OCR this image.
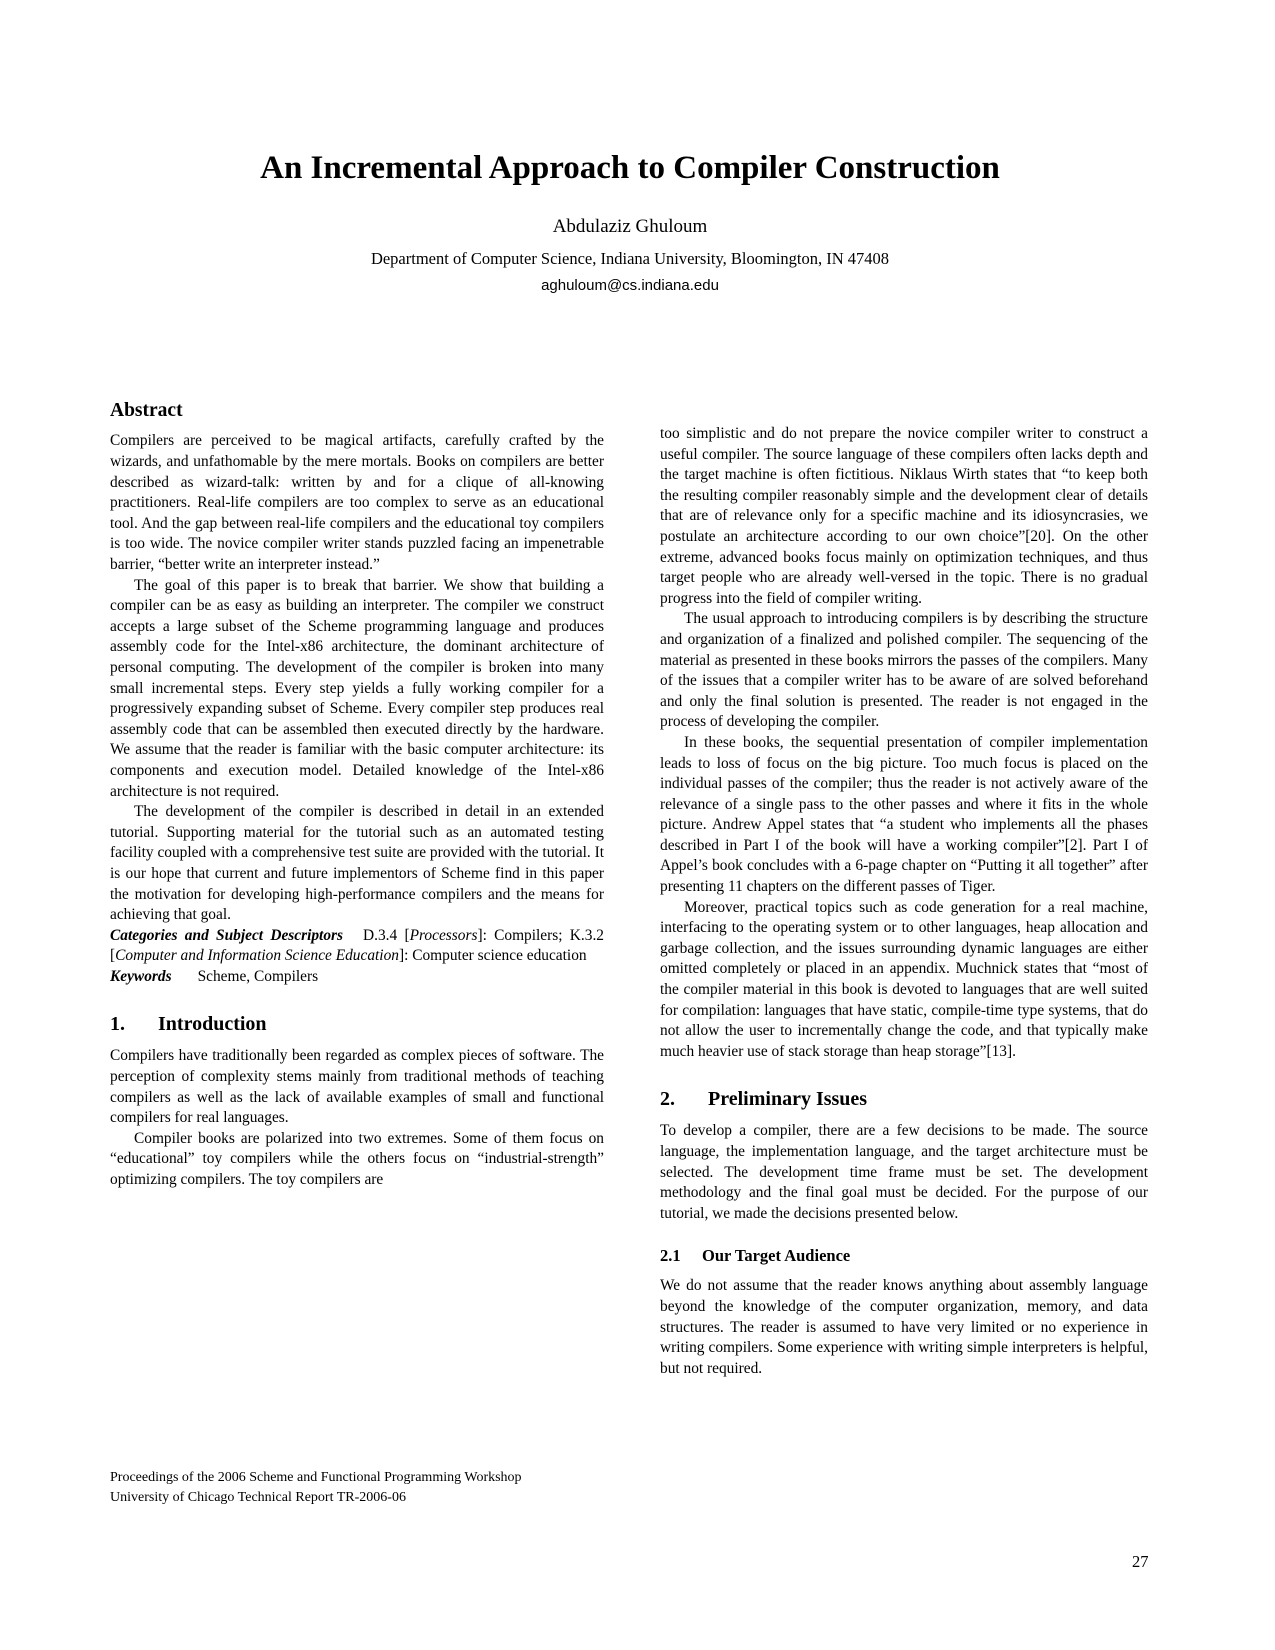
An Incremental Approach to Compiler Construction
Abdulaziz Ghuloum
Department of Computer Science, Indiana University, Bloomington, IN 47408
aghuloum@cs.indiana.edu
Abstract

Compilers are perceived to be magical artifacts, carefully crafted by the wizards, and unfathomable by the mere mortals. Books on compilers are better described as wizard-talk: written by and for a clique of all-knowing practitioners. Real-life compilers are too complex to serve as an educational tool. And the gap between real-life compilers and the educational toy compilers is too wide. The novice compiler writer stands puzzled facing an impenetrable barrier, “better write an interpreter instead.”

The goal of this paper is to break that barrier. We show that building a compiler can be as easy as building an interpreter. The compiler we construct accepts a large subset of the Scheme programming language and produces assembly code for the Intel-x86 architecture, the dominant architecture of personal computing. The development of the compiler is broken into many small incremental steps. Every step yields a fully working compiler for a progressively expanding subset of Scheme. Every compiler step produces real assembly code that can be assembled then executed directly by the hardware. We assume that the reader is familiar with the basic computer architecture: its components and execution model. Detailed knowledge of the Intel-x86 architecture is not required.

The development of the compiler is described in detail in an extended tutorial. Supporting material for the tutorial such as an automated testing facility coupled with a comprehensive test suite are provided with the tutorial. It is our hope that current and future implementors of Scheme find in this paper the motivation for developing high-performance compilers and the means for achieving that goal.

Categories and Subject Descriptors D.3.4 [Processors]: Compilers; K.3.2 [Computer and Information Science Education]: Computer science education

Keywords Scheme, Compilers

1. Introduction

Compilers have traditionally been regarded as complex pieces of software. The perception of complexity stems mainly from traditional methods of teaching compilers as well as the lack of available examples of small and functional compilers for real languages.

Compiler books are polarized into two extremes. Some of them focus on “educational” toy compilers while the others focus on “industrial-strength” optimizing compilers. The toy compilers are

too simplistic and do not prepare the novice compiler writer to construct a useful compiler. The source language of these compilers often lacks depth and the target machine is often fictitious. Niklaus Wirth states that “to keep both the resulting compiler reasonably simple and the development clear of details that are of relevance only for a specific machine and its idiosyncrasies, we postulate an architecture according to our own choice”[20]. On the other extreme, advanced books focus mainly on optimization techniques, and thus target people who are already well-versed in the topic. There is no gradual progress into the field of compiler writing.

The usual approach to introducing compilers is by describing the structure and organization of a finalized and polished compiler. The sequencing of the material as presented in these books mirrors the passes of the compilers. Many of the issues that a compiler writer has to be aware of are solved beforehand and only the final solution is presented. The reader is not engaged in the process of developing the compiler.

In these books, the sequential presentation of compiler implementation leads to loss of focus on the big picture. Too much focus is placed on the individual passes of the compiler; thus the reader is not actively aware of the relevance of a single pass to the other passes and where it fits in the whole picture. Andrew Appel states that “a student who implements all the phases described in Part I of the book will have a working compiler”[2]. Part I of Appel’s book concludes with a 6-page chapter on “Putting it all together” after presenting 11 chapters on the different passes of Tiger.

Moreover, practical topics such as code generation for a real machine, interfacing to the operating system or to other languages, heap allocation and garbage collection, and the issues surrounding dynamic languages are either omitted completely or placed in an appendix. Muchnick states that “most of the compiler material in this book is devoted to languages that are well suited for compilation: languages that have static, compile-time type systems, that do not allow the user to incrementally change the code, and that typically make much heavier use of stack storage than heap storage”[13].

2. Preliminary Issues

To develop a compiler, there are a few decisions to be made. The source language, the implementation language, and the target architecture must be selected. The development time frame must be set. The development methodology and the final goal must be decided. For the purpose of our tutorial, we made the decisions presented below.

2.1 Our Target Audience

We do not assume that the reader knows anything about assembly language beyond the knowledge of the computer organization, memory, and data structures. The reader is assumed to have very limited or no experience in writing compilers. Some experience with writing simple interpreters is helpful, but not required.

Proceedings of the 2006 Scheme and Functional Programming Workshop
University of Chicago Technical Report TR-2006-06
27
